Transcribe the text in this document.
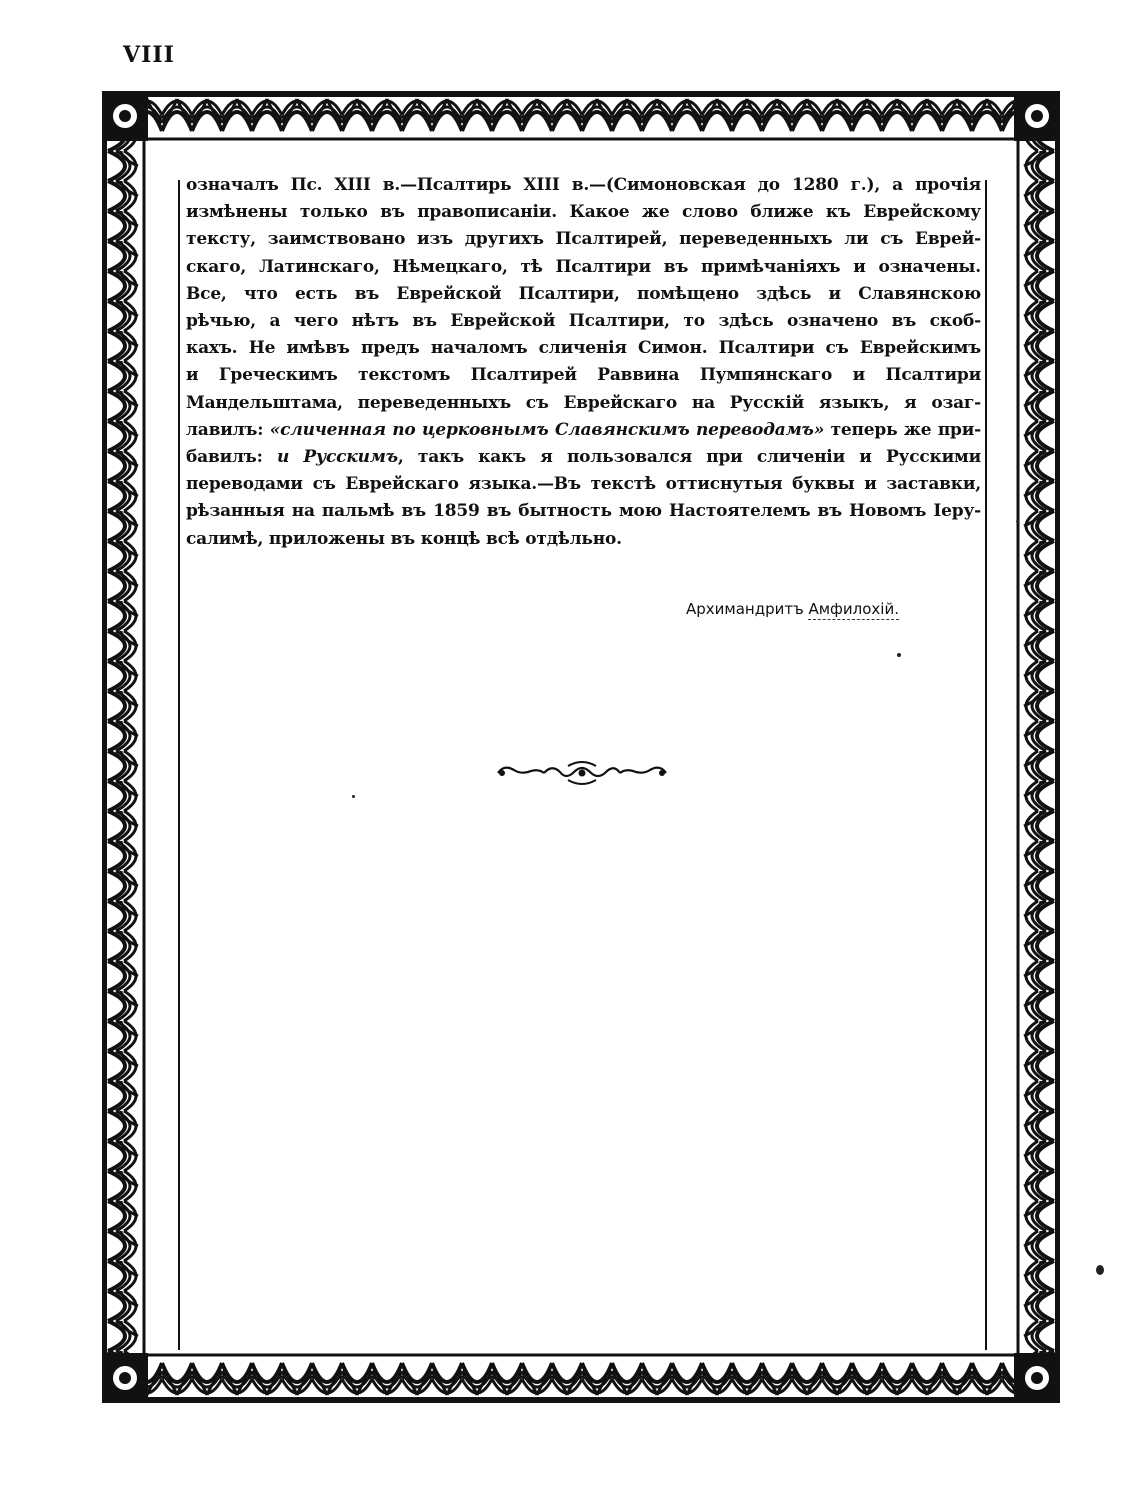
VIII
означалъ Пс. XIII в.—Псалтирь XIII в.—(Симоновская до 1280 г.), а прочія
измѣнены только въ правописаніи. Какое же слово ближе къ Еврейскому
тексту, заимствовано изъ другихъ Псалтирей, переведенныхъ ли съ Еврей-
скаго, Латинскаго, Нѣмецкаго, тѣ Псалтири въ примѣчаніяхъ и означены.
Все, что есть въ Еврейской Псалтири, помѣщено здѣсь и Славянскою
рѣчью, а чего нѣтъ въ Еврейской Псалтири, то здѣсь означено въ скоб-
кахъ. Не имѣвъ предъ началомъ сличенія Симон. Псалтири съ Еврейскимъ
и Греческимъ текстомъ Псалтирей Раввина Пумпянскаго и Псалтири
Мандельштама, переведенныхъ съ Еврейскаго на Русскій языкъ, я озаг-
лавилъ: «сличенная по церковнымъ Славянскимъ переводамъ» теперь же при-
бавилъ: и Русскимъ, такъ какъ я пользовался при сличеніи и Русскими
переводами съ Еврейскаго языка.—Въ текстѣ оттиснутыя буквы и заставки,
рѣзанныя на пальмѣ въ 1859 въ бытность мою Настоятелемъ въ Новомъ Iеру-
салимѣ, приложены въ концѣ всѣ отдѣльно.
Архимандритъ Амфилохій.
